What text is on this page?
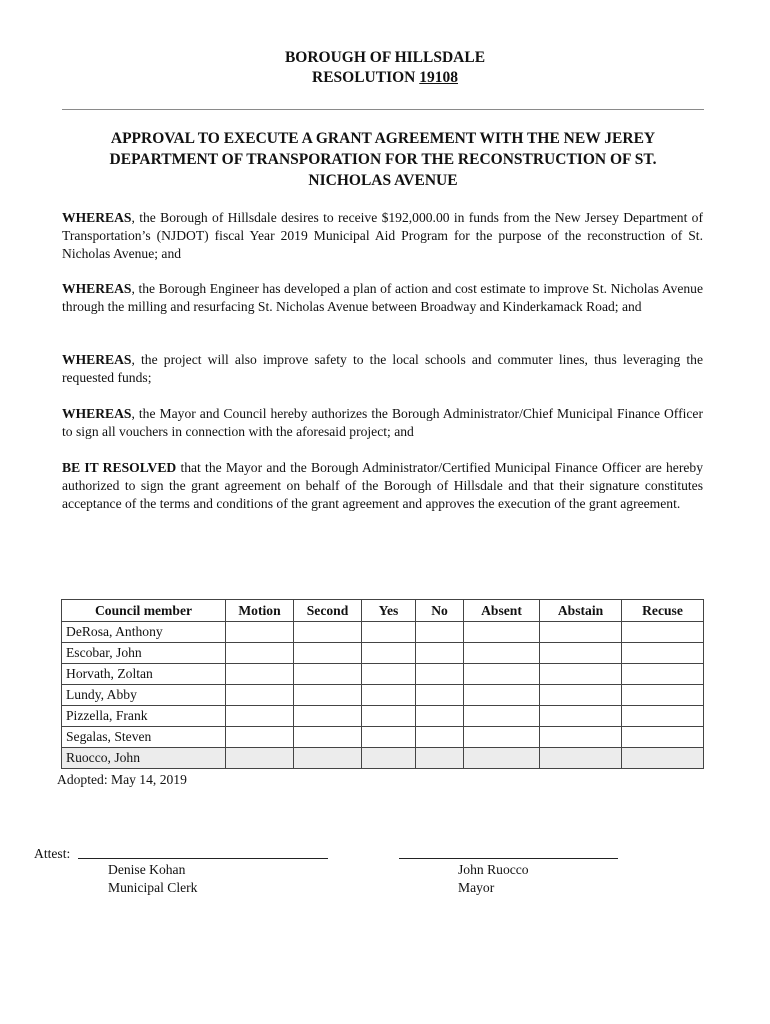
BOROUGH OF HILLSDALE
RESOLUTION 19108
APPROVAL TO EXECUTE A GRANT AGREEMENT WITH THE NEW JEREY
DEPARTMENT OF TRANSPORATION FOR THE RECONSTRUCTION OF ST.
NICHOLAS AVENUE

WHEREAS, the Borough of Hillsdale desires to receive $192,000.00 in funds from the New Jersey Department of Transportation’s (NJDOT) fiscal Year 2019 Municipal Aid Program for the purpose of the reconstruction of St. Nicholas Avenue; and

WHEREAS, the Borough Engineer has developed a plan of action and cost estimate to improve St. Nicholas Avenue through the milling and resurfacing St. Nicholas Avenue between Broadway and Kinderkamack Road; and

WHEREAS, the project will also improve safety to the local schools and commuter lines, thus leveraging the requested funds;

WHEREAS, the Mayor and Council hereby authorizes the Borough Administrator/Chief Municipal Finance Officer to sign all vouchers in connection with the aforesaid project; and

BE IT RESOLVED that the Mayor and the Borough Administrator/Certified Municipal Finance Officer are hereby authorized to sign the grant agreement on behalf of the Borough of Hillsdale and that their signature constitutes acceptance of the terms and conditions of the grant agreement and approves the execution of the grant agreement.

Council member	Motion	Second	Yes	No	Absent	Abstain	Recuse
DeRosa, Anthony							
Escobar, John							
Horvath, Zoltan							
Lundy, Abby							
Pizzella, Frank							
Segalas, Steven							
Ruocco, John							
Adopted: May 14, 2019
Attest:
Denise Kohan
Municipal Clerk
John Ruocco
Mayor
